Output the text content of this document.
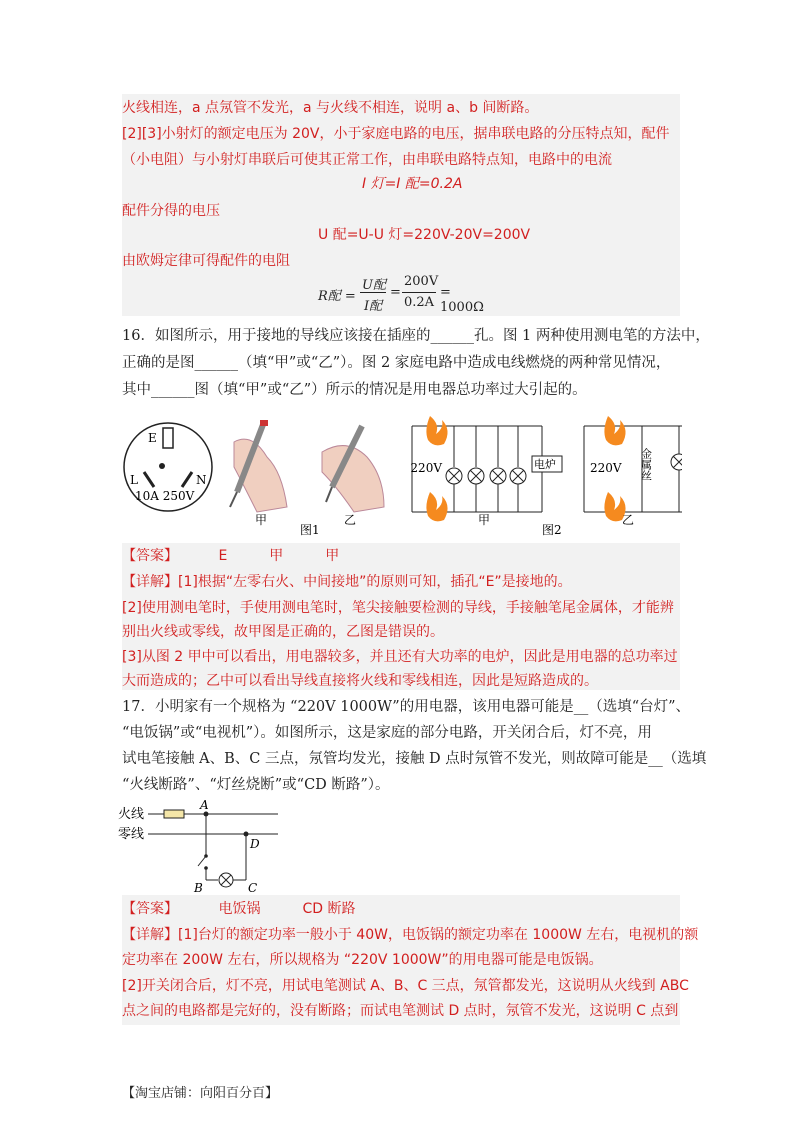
火线相连，a 点氖管不发光，a 与火线不相连，说明 a、b 间断路。
[2][3]小射灯的额定电压为 20V，小于家庭电路的电压，据串联电路的分压特点知，配件
（小电阻）与小射灯串联后可使其正常工作，由串联电路特点知，电路中的电流
I 灯=I 配=0.2A
配件分得的电压
U 配=U-U 灯=220V-20V=200V
由欧姆定律可得配件的电阻
R配 =
U配
I配
=
200V
0.2A
= 1000Ω
16．如图所示，用于接地的导线应该接在插座的______孔。图 1 两种使用测电笔的方法中，
正确的是图______（填“甲”或“乙”）。图 2 家庭电路中造成电线燃烧的两种常见情况，
其中______图（填“甲”或“乙”）所示的情况是用电器总功率过大引起的。
E
L	N
10A 250V
甲	乙
图1
电炉
220V
甲
图2
220V 金属丝
乙
【答案】	E　　　甲　　　甲
【详解】[1]根据“左零右火、中间接地”的原则可知，插孔“E”是接地的。
[2]使用测电笔时，手使用测电笔时，笔尖接触要检测的导线，手接触笔尾金属体，才能辨
别出火线或零线，故甲图是正确的，乙图是错误的。
[3]从图 2 甲中可以看出，用电器较多，并且还有大功率的电炉，因此是用电器的总功率过
大而造成的；乙中可以看出导线直接将火线和零线相连，因此是短路造成的。
17．小明家有一个规格为 “220V 1000W”的用电器，该用电器可能是__（选填“台灯”、
“电饭锅”或“电视机”）。如图所示，这是家庭的部分电路，开关闭合后，灯不亮，用
试电笔接触 A、B、C 三点，氖管均发光，接触 D 点时氖管不发光，则故障可能是__（选填
“火线断路”、“灯丝烧断”或“CD 断路”）。
火线
零线
A
D
B	C
【答案】	电饭锅　　　CD 断路
【详解】[1]台灯的额定功率一般小于 40W，电饭锅的额定功率在 1000W 左右，电视机的额
定功率在 200W 左右，所以规格为 “220V 1000W”的用电器可能是电饭锅。
[2]开关闭合后，灯不亮，用试电笔测试 A、B、C 三点，氖管都发光，这说明从火线到 ABC
点之间的电路都是完好的，没有断路；而试电笔测试 D 点时，氖管不发光，这说明 C 点到
【淘宝店铺：向阳百分百】
